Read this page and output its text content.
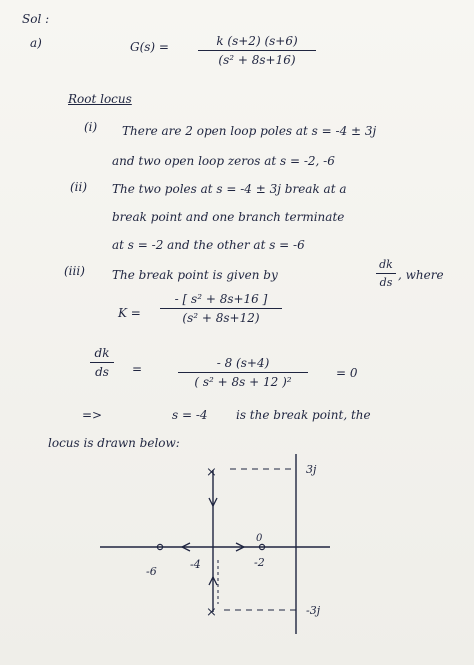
Sol :
a)	G(s) =	k (s+2) (s+6)
(s² + 8s+16)
Root locus
(i) There are 2 open loop poles at s = -4 ± 3j
and two open loop zeros at s = -2, -6
(ii) The two poles at s = -4 ± 3j break at a
break point and one branch terminate
at s = -2 and the other at s = -6
(iii) The break point is given by
dk
ds
, where
K =
- [ s² + 8s+16 ]
(s² + 8s+12)
dk
ds	=	- 8 (s+4)
( s² + 8s + 12 )²
= 0
=>	s = -4 is the break point, the
locus is drawn below:
×
×
3j
-3j
-6
-4	-2
0
